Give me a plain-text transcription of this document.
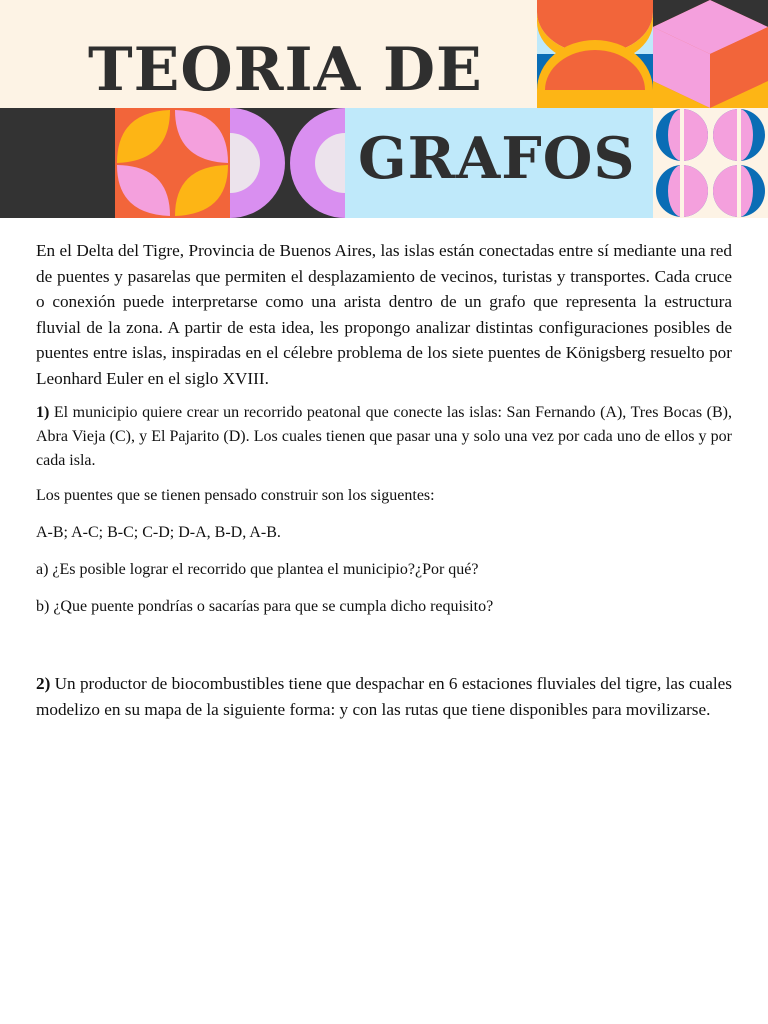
TEORIA DE
GRAFOS

En el Delta del Tigre, Provincia de Buenos Aires, las islas están conectadas entre sí mediante una red de puentes y pasarelas que permiten el desplazamiento de vecinos, turistas y transportes. Cada cruce o conexión puede interpretarse como una arista dentro de un grafo que representa la estructura fluvial de la zona. A partir de esta idea, les propongo analizar distintas configuraciones posibles de puentes entre islas, inspiradas en el célebre problema de los siete puentes de Königsberg resuelto por Leonhard Euler en el siglo XVIII.

1) El municipio quiere crear un recorrido peatonal que conecte las islas: San Fernando (A), Tres Bocas (B), Abra Vieja (C), y El Pajarito (D). Los cuales tienen que pasar una y solo una vez por cada uno de ellos y por cada isla.

Los puentes que se tienen pensado construir son los siguentes:

A-B; A-C; B-C; C-D; D-A, B-D, A-B.

a) ¿Es posible lograr el recorrido que plantea el municipio?¿Por qué?

b) ¿Que puente pondrías o sacarías para que se cumpla dicho requisito?

2) Un productor de biocombustibles tiene que despachar en 6 estaciones fluviales del tigre, las cuales modelizo en su mapa de la siguiente forma: y con las rutas que tiene disponibles para movilizarse.
